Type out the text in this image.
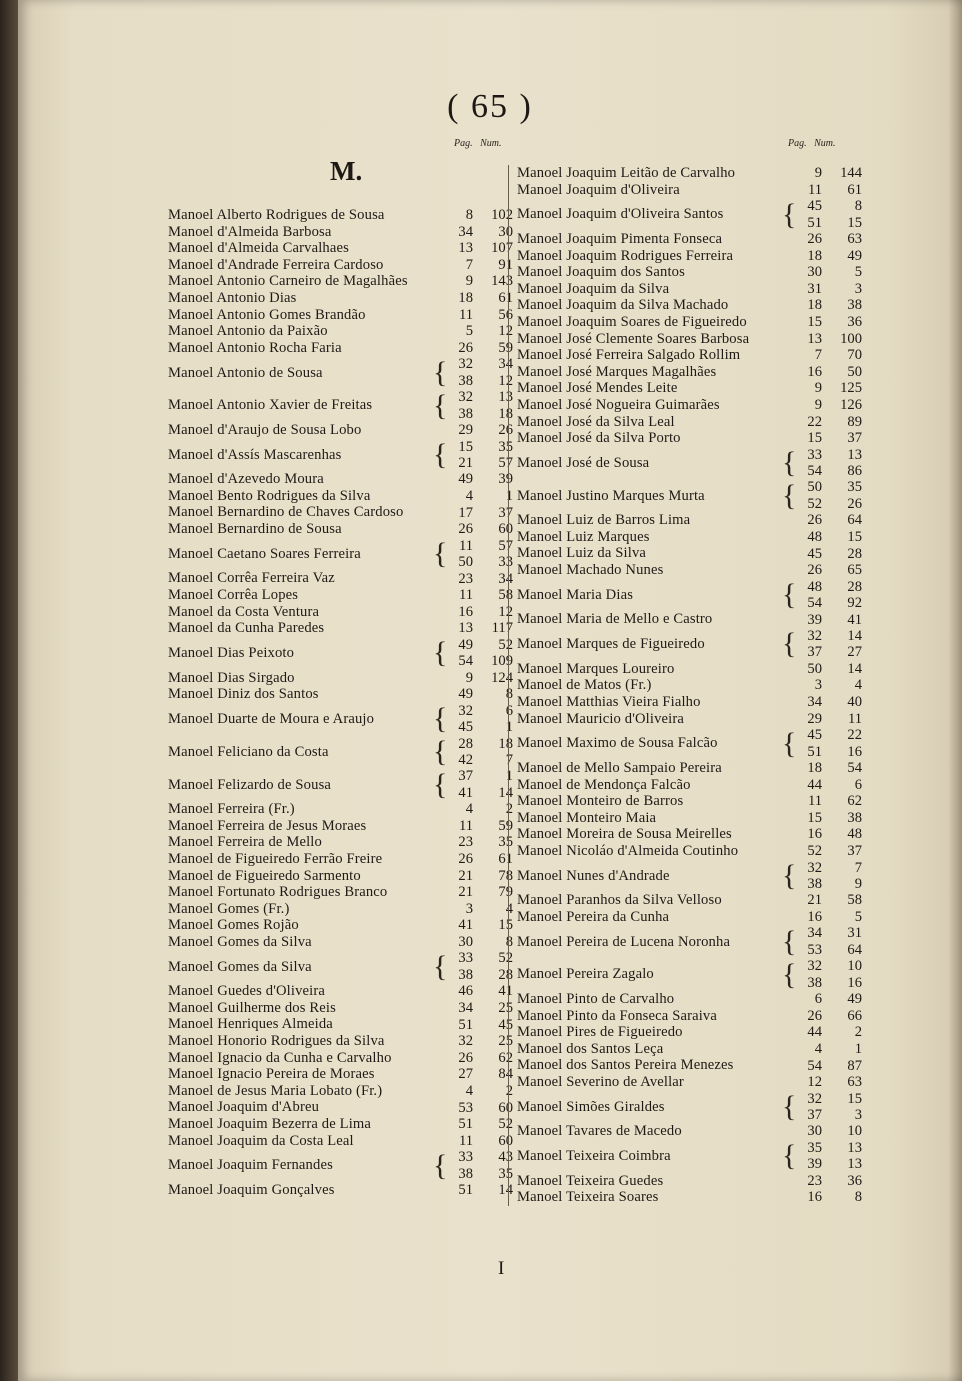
( 65 )
Pag. Num.	Pag. Num.
M.
Manoel Alberto Rodrigues de Sousa	8	102
Manoel d'Almeida Barbosa	34	30
Manoel d'Almeida Carvalhaes	13	107
Manoel d'Andrade Ferreira Cardoso	7	91
Manoel Antonio Carneiro de Magalhães	9	143
Manoel Antonio Dias	18	61
Manoel Antonio Gomes Brandão	11	56
Manoel Antonio da Paixão	5	12
Manoel Antonio Rocha Faria	26	59
Manoel Antonio de Sousa	{ 32	34
38	12
Manoel Antonio Xavier de Freitas	{ 32	13
38	18
Manoel d'Araujo de Sousa Lobo	29	26
Manoel d'Assís Mascarenhas	{ 15	35
21	57
Manoel d'Azevedo Moura	49	39
Manoel Bento Rodrigues da Silva	4	1
Manoel Bernardino de Chaves Cardoso	17	37
Manoel Bernardino de Sousa	26	60
Manoel Caetano Soares Ferreira	{ 11	57
50	33
Manoel Corrêa Ferreira Vaz	23	34
Manoel Corrêa Lopes	11	58
Manoel da Costa Ventura	16	12
Manoel da Cunha Paredes	13	117
Manoel Dias Peixoto	{ 49	52
54	109
Manoel Dias Sirgado	9	124
Manoel Diniz dos Santos	49	8
Manoel Duarte de Moura e Araujo	{ 32	6
45	1
Manoel Feliciano da Costa	{ 28	18
42	7
Manoel Felizardo de Sousa	{ 37	1
41	14
Manoel Ferreira (Fr.)	4	2
Manoel Ferreira de Jesus Moraes	11	59
Manoel Ferreira de Mello	23	35
Manoel de Figueiredo Ferrão Freire	26	61
Manoel de Figueiredo Sarmento	21	78
Manoel Fortunato Rodrigues Branco	21	79
Manoel Gomes (Fr.)	3	4
Manoel Gomes Rojão	41	15
Manoel Gomes da Silva	30	8
Manoel Gomes da Silva	{ 33	52
38	28
Manoel Guedes d'Oliveira	46	41
Manoel Guilherme dos Reis	34	25
Manoel Henriques Almeida	51	45
Manoel Honorio Rodrigues da Silva	32	25
Manoel Ignacio da Cunha e Carvalho	26	62
Manoel Ignacio Pereira de Moraes	27	84
Manoel de Jesus Maria Lobato (Fr.)	4	2
Manoel Joaquim d'Abreu	53	60
Manoel Joaquim Bezerra de Lima	51	52
Manoel Joaquim da Costa Leal	11	60
Manoel Joaquim Fernandes	{ 33	43
38	35
Manoel Joaquim Gonçalves	51	14
Manoel Joaquim Leitão de Carvalho	9	144
Manoel Joaquim d'Oliveira	11	61
Manoel Joaquim d'Oliveira Santos	{ 45	8
51	15
Manoel Joaquim Pimenta Fonseca	26	63
Manoel Joaquim Rodrigues Ferreira	18	49
Manoel Joaquim dos Santos	30	5
Manoel Joaquim da Silva	31	3
Manoel Joaquim da Silva Machado	18	38
Manoel Joaquim Soares de Figueiredo	15	36
Manoel José Clemente Soares Barbosa	13	100
Manoel José Ferreira Salgado Rollim	7	70
Manoel José Marques Magalhães	16	50
Manoel José Mendes Leite	9	125
Manoel José Nogueira Guimarães	9	126
Manoel José da Silva Leal	22	89
Manoel José da Silva Porto	15	37
Manoel José de Sousa	{ 33	13
54	86
Manoel Justino Marques Murta	{ 50	35
52	26
Manoel Luiz de Barros Lima	26	64
Manoel Luiz Marques	48	15
Manoel Luiz da Silva	45	28
Manoel Machado Nunes	26	65
Manoel Maria Dias	{ 48	28
54	92
Manoel Maria de Mello e Castro	39	41
Manoel Marques de Figueiredo	{ 32	14
37	27
Manoel Marques Loureiro	50	14
Manoel de Matos (Fr.)	3	4
Manoel Matthias Vieira Fialho	34	40
Manoel Mauricio d'Oliveira	29	11
Manoel Maximo de Sousa Falcão	{ 45	22
51	16
Manoel de Mello Sampaio Pereira	18	54
Manoel de Mendonça Falcão	44	6
Manoel Monteiro de Barros	11	62
Manoel Monteiro Maia	15	38
Manoel Moreira de Sousa Meirelles	16	48
Manoel Nicoláo d'Almeida Coutinho	52	37
Manoel Nunes d'Andrade	{ 32	7
38	9
Manoel Paranhos da Silva Velloso	21	58
Manoel Pereira da Cunha	16	5
Manoel Pereira de Lucena Noronha	{ 34	31
53	64
Manoel Pereira Zagalo	{ 32	10
38	16
Manoel Pinto de Carvalho	6	49
Manoel Pinto da Fonseca Saraiva	26	66
Manoel Pires de Figueiredo	44	2
Manoel dos Santos Leça	4	1
Manoel dos Santos Pereira Menezes	54	87
Manoel Severino de Avellar	12	63
Manoel Simões Giraldes	{ 32	15
37	3
Manoel Tavares de Macedo	30	10
Manoel Teixeira Coimbra	{ 35	13
39	13
Manoel Teixeira Guedes	23	36
Manoel Teixeira Soares	16	8
I
